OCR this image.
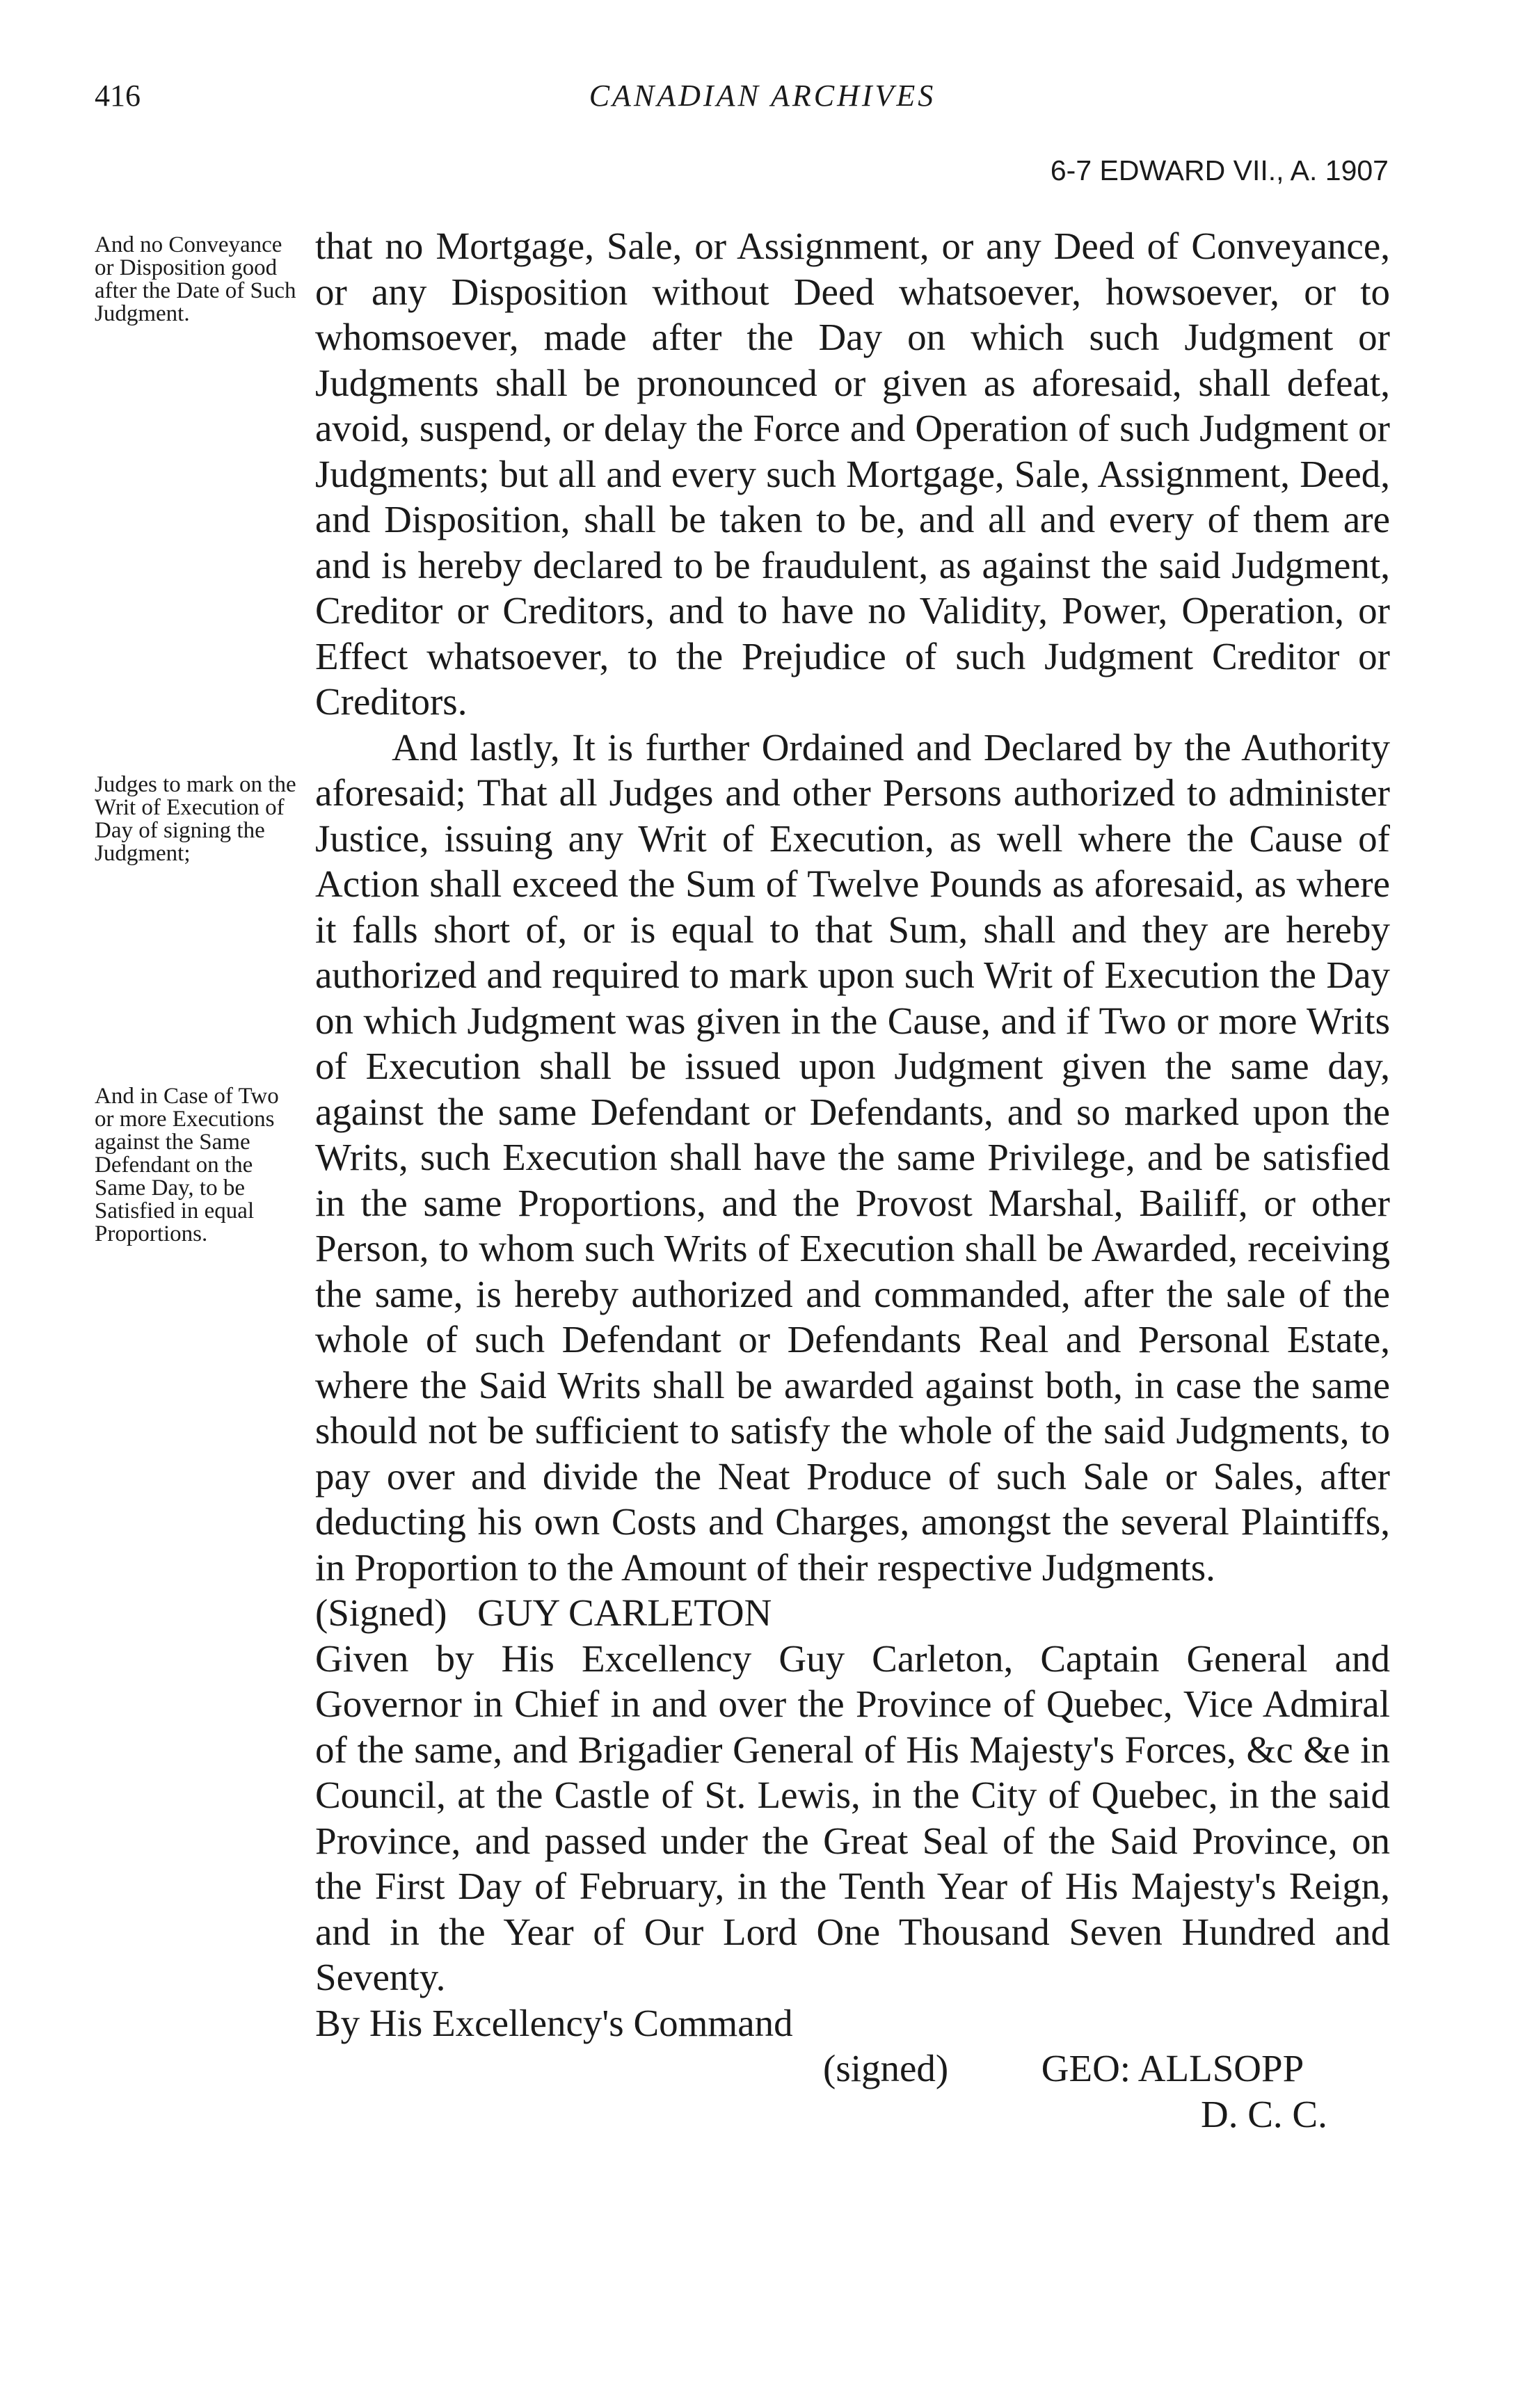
416	CANADIAN ARCHIVES
6-7 EDWARD VII., A. 1907

And no Conveyance or Disposition good after the Date of Such Judgment.

Judges to mark on the Writ of Execution of Day of signing the Judgment;

And in Case of Two or more Executions against the Same Defendant on the Same Day, to be Satisfied in equal Proportions.

that no Mortgage, Sale, or Assignment, or any Deed of Conveyance, or any Disposition without Deed whatsoever, howsoever, or to whomsoever, made after the Day on which such Judgment or Judgments shall be pronounced or given as aforesaid, shall defeat, avoid, suspend, or delay the Force and Operation of such Judgment or Judgments; but all and every such Mortgage, Sale, Assignment, Deed, and Disposition, shall be taken to be, and all and every of them are and is hereby declared to be fraudulent, as against the said Judgment, Creditor or Creditors, and to have no Validity, Power, Operation, or Effect whatsoever, to the Prejudice of such Judgment Creditor or Creditors.

And lastly, It is further Ordained and Declared by the Authority aforesaid; That all Judges and other Persons authorized to administer Justice, issuing any Writ of Execution, as well where the Cause of Action shall exceed the Sum of Twelve Pounds as aforesaid, as where it falls short of, or is equal to that Sum, shall and they are hereby authorized and required to mark upon such Writ of Execution the Day on which Judgment was given in the Cause, and if Two or more Writs of Execution shall be issued upon Judgment given the same day, against the same Defendant or Defendants, and so marked upon the Writs, such Execution shall have the same Privilege, and be satisfied in the same Proportions, and the Provost Marshal, Bailiff, or other Person, to whom such Writs of Execution shall be Awarded, receiving the same, is hereby authorized and commanded, after the sale of the whole of such Defendant or Defendants Real and Personal Estate, where the Said Writs shall be awarded against both, in case the same should not be sufficient to satisfy the whole of the said Judgments, to pay over and divide the Neat Produce of such Sale or Sales, after deducting his own Costs and Charges, amongst the several Plaintiffs, in Proportion to the Amount of their respective Judgments.

(Signed) GUY CARLETON

Given by His Excellency Guy Carleton, Captain General and Governor in Chief in and over the Province of Quebec, Vice Admiral of the same, and Brigadier General of His Majesty's Forces, &c &e in Council, at the Castle of St. Lewis, in the City of Quebec, in the said Province, and passed under the Great Seal of the Said Province, on the First Day of February, in the Tenth Year of His Majesty's Reign, and in the Year of Our Lord One Thousand Seven Hundred and Seventy.

By His Excellency's Command

(signed) GEO: ALLSOPP

D. C. C.
